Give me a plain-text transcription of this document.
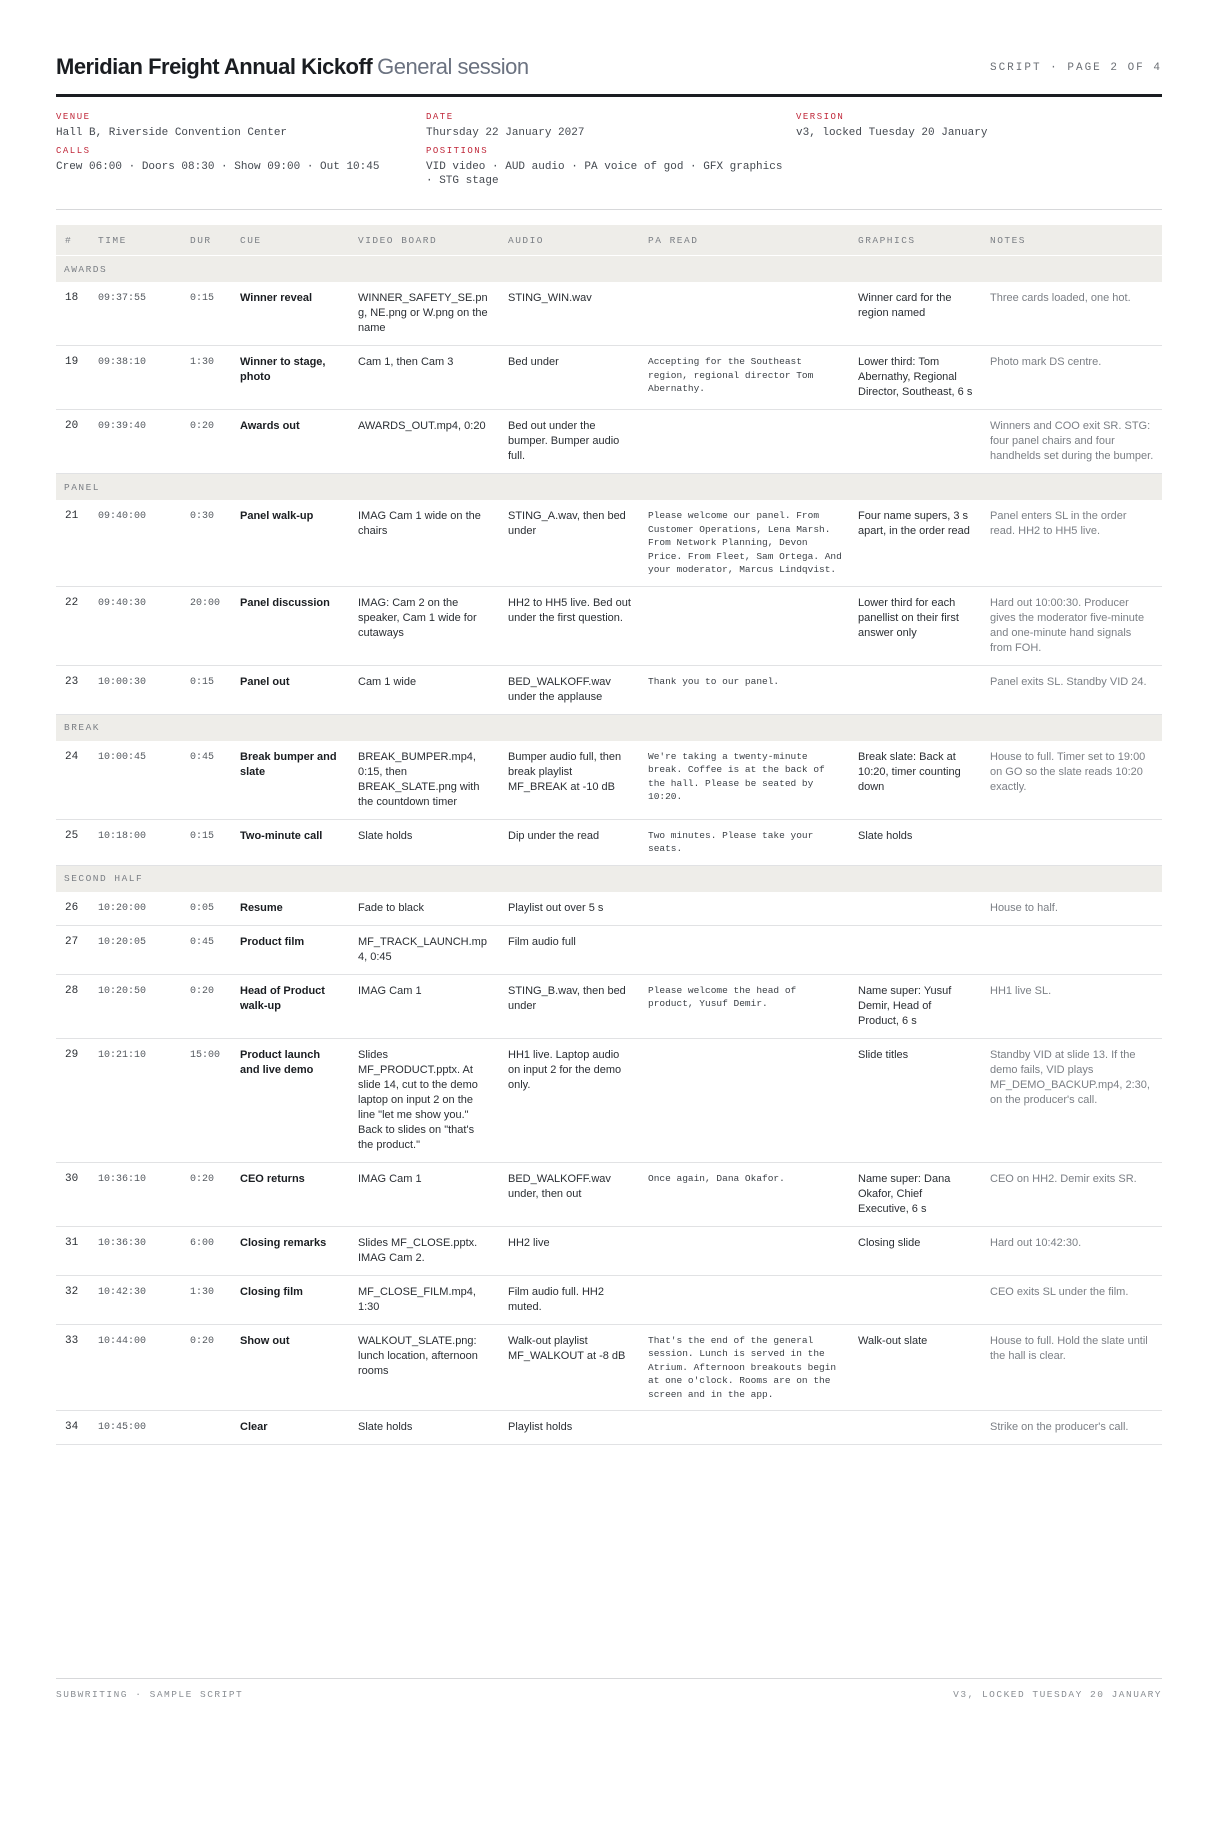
Meridian Freight Annual Kickoff General session	SCRIPT · PAGE 2 OF 4
VENUE
Hall B, Riverside Convention Center
DATE
Thursday 22 January 2027
VERSION
v3, locked Tuesday 20 January
CALLS
Crew 06:00 · Doors 08:30 · Show 09:00 · Out 10:45
POSITIONS
VID video · AUD audio · PA voice of god · GFX graphics
· STG stage
#	TIME	DUR	CUE	VIDEO BOARD	AUDIO	PA READ	GRAPHICS	NOTES
AWARDS								
18	09:37:55	0:15	Winner reveal	WINNER_SAFETY_SE.png, NE.png or W.png on the name	STING_WIN.wav		Winner card for the region named	Three cards loaded, one hot.
19	09:38:10	1:30	Winner to stage, photo	Cam 1, then Cam 3	Bed under	Accepting for the Southeast region, regional director Tom Abernathy.	Lower third: Tom Abernathy, Regional Director, Southeast, 6 s	Photo mark DS centre.
20	09:39:40	0:20	Awards out	AWARDS_OUT.mp4, 0:20	Bed out under the bumper. Bumper audio full.			Winners and COO exit SR. STG: four panel chairs and four handhelds set during the bumper.
PANEL								
21	09:40:00	0:30	Panel walk-up	IMAG Cam 1 wide on the chairs	STING_A.wav, then bed under	Please welcome our panel. From Customer Operations, Lena Marsh. From Network Planning, Devon Price. From Fleet, Sam Ortega. And your moderator, Marcus Lindqvist.	Four name supers, 3 s apart, in the order read	Panel enters SL in the order read. HH2 to HH5 live.
22	09:40:30	20:00	Panel discussion	IMAG: Cam 2 on the speaker, Cam 1 wide for cutaways	HH2 to HH5 live. Bed out under the first question.		Lower third for each panellist on their first answer only	Hard out 10:00:30. Producer gives the moderator five-minute and one-minute hand signals from FOH.
23	10:00:30	0:15	Panel out	Cam 1 wide	BED_WALKOFF.wav under the applause	Thank you to our panel.		Panel exits SL. Standby VID 24.
BREAK								
24	10:00:45	0:45	Break bumper and slate	BREAK_BUMPER.mp4, 0:15, then BREAK_SLATE.png with the countdown timer	Bumper audio full, then break playlist MF_BREAK at -10 dB	We're taking a twenty-minute break. Coffee is at the back of the hall. Please be seated by 10:20.	Break slate: Back at 10:20, timer counting down	House to full. Timer set to 19:00 on GO so the slate reads 10:20 exactly.
25	10:18:00	0:15	Two-minute call	Slate holds	Dip under the read	Two minutes. Please take your seats.	Slate holds	
SECOND HALF								
26	10:20:00	0:05	Resume	Fade to black	Playlist out over 5 s			House to half.
27	10:20:05	0:45	Product film	MF_TRACK_LAUNCH.mp4, 0:45	Film audio full			
28	10:20:50	0:20	Head of Product walk-up	IMAG Cam 1	STING_B.wav, then bed under	Please welcome the head of product, Yusuf Demir.	Name super: Yusuf Demir, Head of Product, 6 s	HH1 live SL.
29	10:21:10	15:00	Product launch and live demo	Slides MF_PRODUCT.pptx. At slide 14, cut to the demo laptop on input 2 on the line "let me show you." Back to slides on "that's the product."	HH1 live. Laptop audio on input 2 for the demo only.		Slide titles	Standby VID at slide 13. If the demo fails, VID plays MF_DEMO_BACKUP.mp4, 2:30, on the producer's call.
30	10:36:10	0:20	CEO returns	IMAG Cam 1	BED_WALKOFF.wav under, then out	Once again, Dana Okafor.	Name super: Dana Okafor, Chief Executive, 6 s	CEO on HH2. Demir exits SR.
31	10:36:30	6:00	Closing remarks	Slides MF_CLOSE.pptx. IMAG Cam 2.	HH2 live		Closing slide	Hard out 10:42:30.
32	10:42:30	1:30	Closing film	MF_CLOSE_FILM.mp4, 1:30	Film audio full. HH2 muted.			CEO exits SL under the film.
33	10:44:00	0:20	Show out	WALKOUT_SLATE.png: lunch location, afternoon rooms	Walk-out playlist MF_WALKOUT at -8 dB	That's the end of the general session. Lunch is served in the Atrium. Afternoon breakouts begin at one o'clock. Rooms are on the screen and in the app.	Walk-out slate	House to full. Hold the slate until the hall is clear.
34	10:45:00		Clear	Slate holds	Playlist holds			Strike on the producer's call.
SUBWRITING · SAMPLE SCRIPT	V3, LOCKED TUESDAY 20 JANUARY
